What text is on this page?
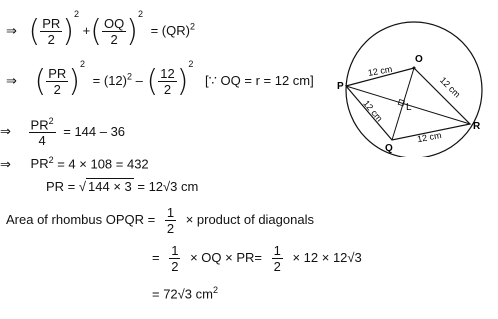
⇒ ( $\frac{PR}{2} )^2$ +( $\frac{OQ}{2} )^2 = (QR)^2$
⇒ ( $\frac{PR}{2} )^2 = (12)^2$ – ( $\frac{12}{2} )^2$ [∵ OQ = r = 12 cm]
⇒ $\frac{PR^2}{4} = 144 - 36$
⇒ $PR^2 = 4 \times 108 = 432$
PR = √ 144 × 3 = 12√3 cm
Area of rhombus OPQR = $\frac{1}{2}$ × product of diagonals
= $\frac{1}{2}$ × OQ × $PR= \frac{1}{2} \times 12 \times 12√3$
= 72√3 $cm^2$
O
P
Q
R
L
12 cm
12 cm
12 cm
12 cm
